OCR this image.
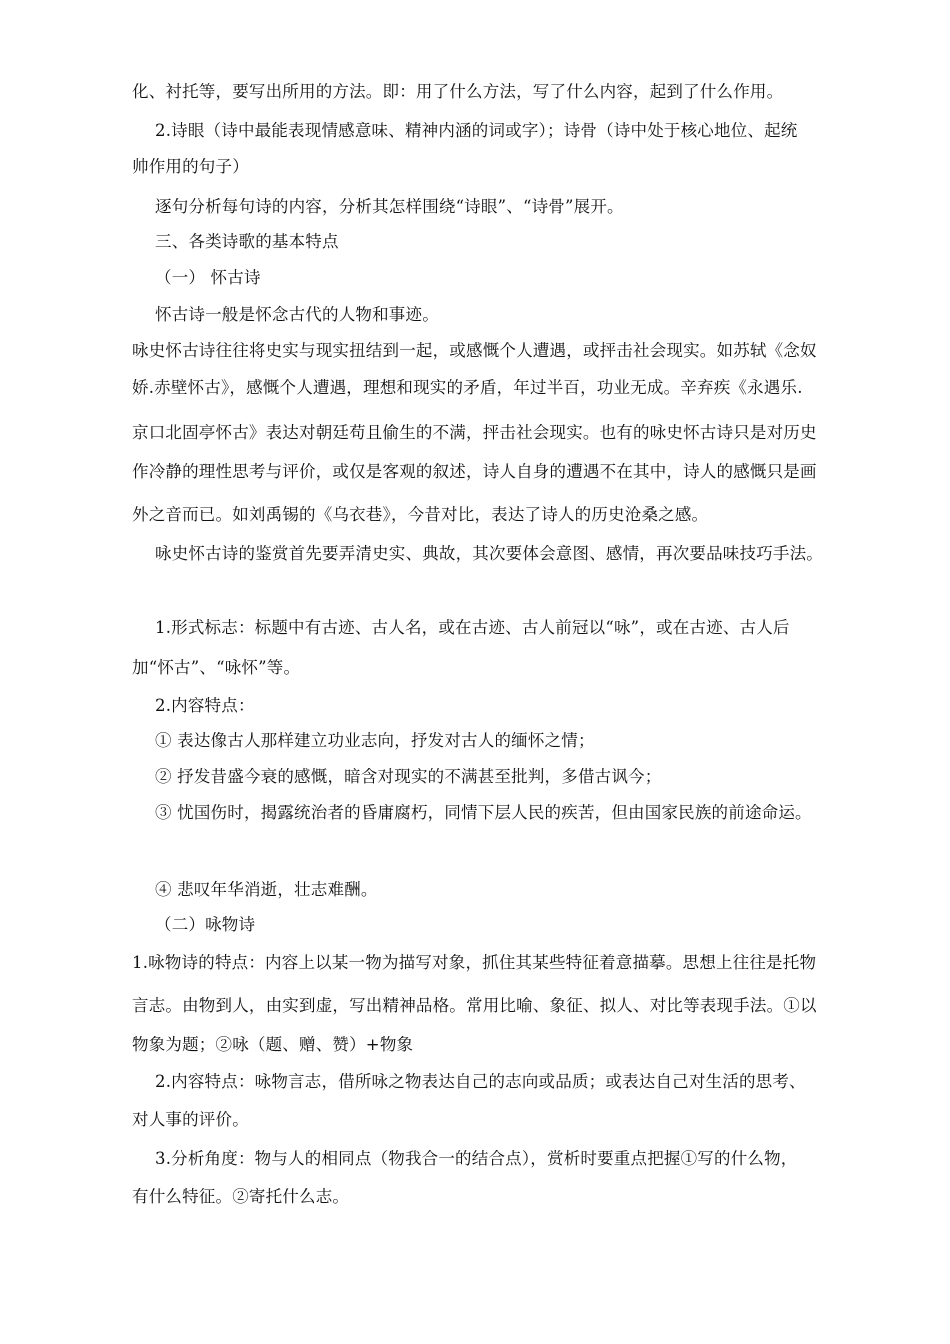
化、衬托等，要写出所用的方法。即：用了什么方法，写了什么内容，起到了什么作用。
2.诗眼（诗中最能表现情感意味、精神内涵的词或字）；诗骨（诗中处于核心地位、起统
帅作用的句子）
逐句分析每句诗的内容，分析其怎样围绕“诗眼”、“诗骨”展开。
三、各类诗歌的基本特点
（一） 怀古诗
怀古诗一般是怀念古代的人物和事迹。
咏史怀古诗往往将史实与现实扭结到一起，或感慨个人遭遇，或抨击社会现实。如苏轼《念奴
娇.赤壁怀古》，感慨个人遭遇，理想和现实的矛盾，年过半百，功业无成。辛弃疾《永遇乐.
京口北固亭怀古》表达对朝廷苟且偷生的不满，抨击社会现实。也有的咏史怀古诗只是对历史
作冷静的理性思考与评价，或仅是客观的叙述，诗人自身的遭遇不在其中，诗人的感慨只是画
外之音而已。如刘禹锡的《乌衣巷》，今昔对比，表达了诗人的历史沧桑之感。
咏史怀古诗的鉴赏首先要弄清史实、典故，其次要体会意图、感情，再次要品味技巧手法。
1.形式标志：标题中有古迹、古人名，或在古迹、古人前冠以“咏”，或在古迹、古人后
加“怀古”、“咏怀”等。
2.内容特点：
① 表达像古人那样建立功业志向，抒发对古人的缅怀之情；
② 抒发昔盛今衰的感慨，暗含对现实的不满甚至批判，多借古讽今；
③ 忧国伤时，揭露统治者的昏庸腐朽，同情下层人民的疾苦，但由国家民族的前途命运。
④ 悲叹年华消逝，壮志难酬。
（二）咏物诗
1.咏物诗的特点：内容上以某一物为描写对象，抓住其某些特征着意描摹。思想上往往是托物
言志。由物到人，由实到虚，写出精神品格。常用比喻、象征、拟人、对比等表现手法。①以
物象为题；②咏（题、赠、赞）+物象
2.内容特点：咏物言志，借所咏之物表达自己的志向或品质；或表达自己对生活的思考、
对人事的评价。
3.分析角度：物与人的相同点（物我合一的结合点），赏析时要重点把握①写的什么物，
有什么特征。②寄托什么志。
